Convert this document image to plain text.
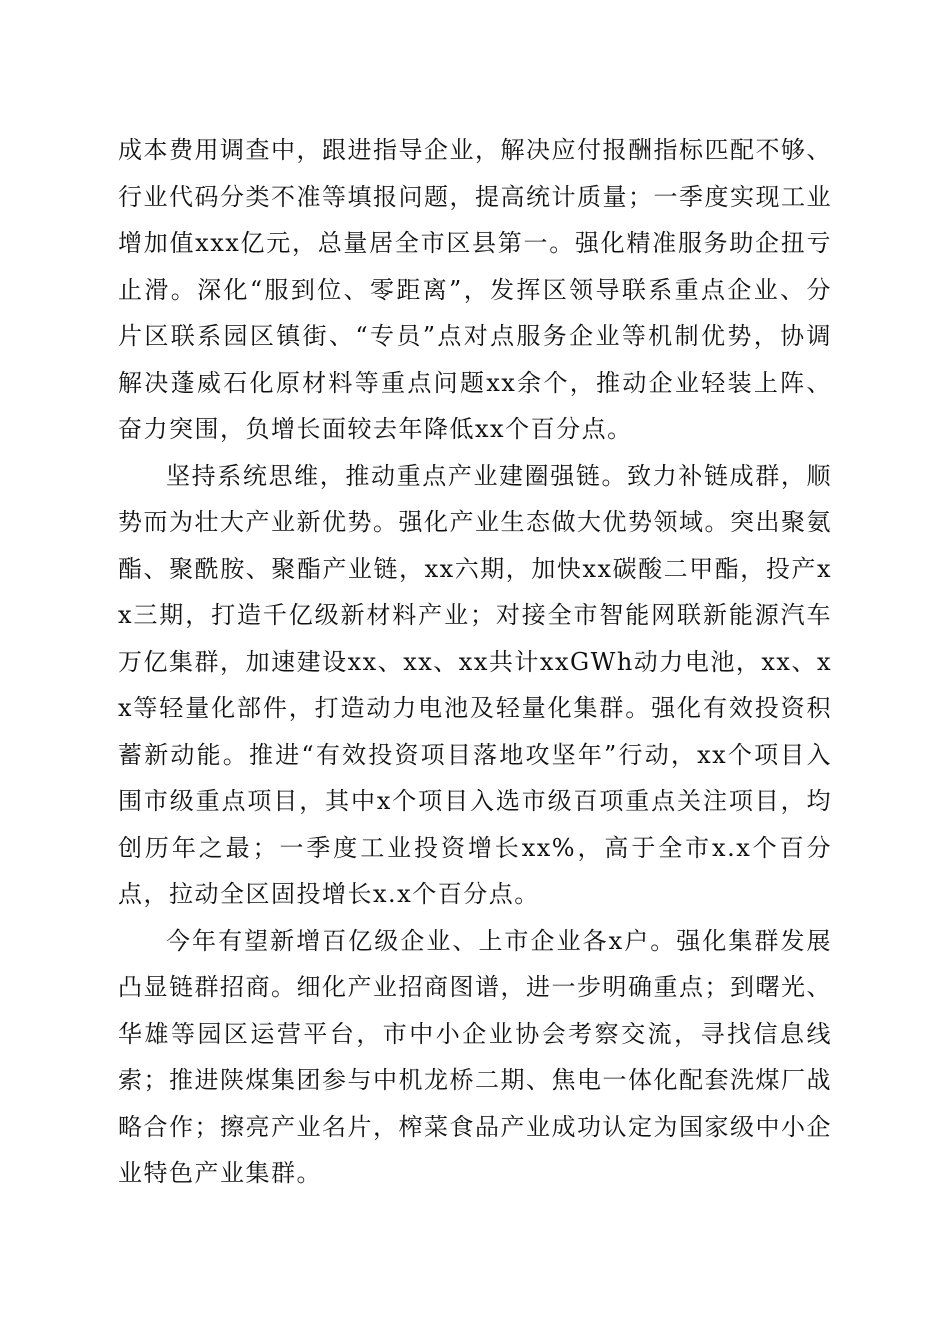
成本费用调查中，跟进指导企业，解决应付报酬指标匹配不够、行业代码分类不准等填报问题，提高统计质量；一季度实现工业增加值xxx亿元，总量居全市区县第一。强化精准服务助企扭亏止滑。深化“服到位、零距离”，发挥区领导联系重点企业、分片区联系园区镇街、“专员”点对点服务企业等机制优势，协调解决蓬威石化原材料等重点问题xx余个，推动企业轻装上阵、奋力突围，负增长面较去年降低xx个百分点。

坚持系统思维，推动重点产业建圈强链。致力补链成群，顺势而为壮大产业新优势。强化产业生态做大优势领域。突出聚氨酯、聚酰胺、聚酯产业链，xx六期，加快xx碳酸二甲酯，投产xx三期，打造千亿级新材料产业；对接全市智能网联新能源汽车万亿集群，加速建设xx、xx、xx共计xxGWh动力电池，xx、xx等轻量化部件，打造动力电池及轻量化集群。强化有效投资积蓄新动能。推进“有效投资项目落地攻坚年”行动，xx个项目入围市级重点项目，其中x个项目入选市级百项重点关注项目，均创历年之最；一季度工业投资增长xx%，高于全市x.x个百分点，拉动全区固投增长x.x个百分点。

今年有望新增百亿级企业、上市企业各x户。强化集群发展凸显链群招商。细化产业招商图谱，进一步明确重点；到曙光、华雄等园区运营平台，市中小企业协会考察交流，寻找信息线索；推进陕煤集团参与中机龙桥二期、焦电一体化配套洗煤厂战略合作；擦亮产业名片，榨菜食品产业成功认定为国家级中小企业特色产业集群。
